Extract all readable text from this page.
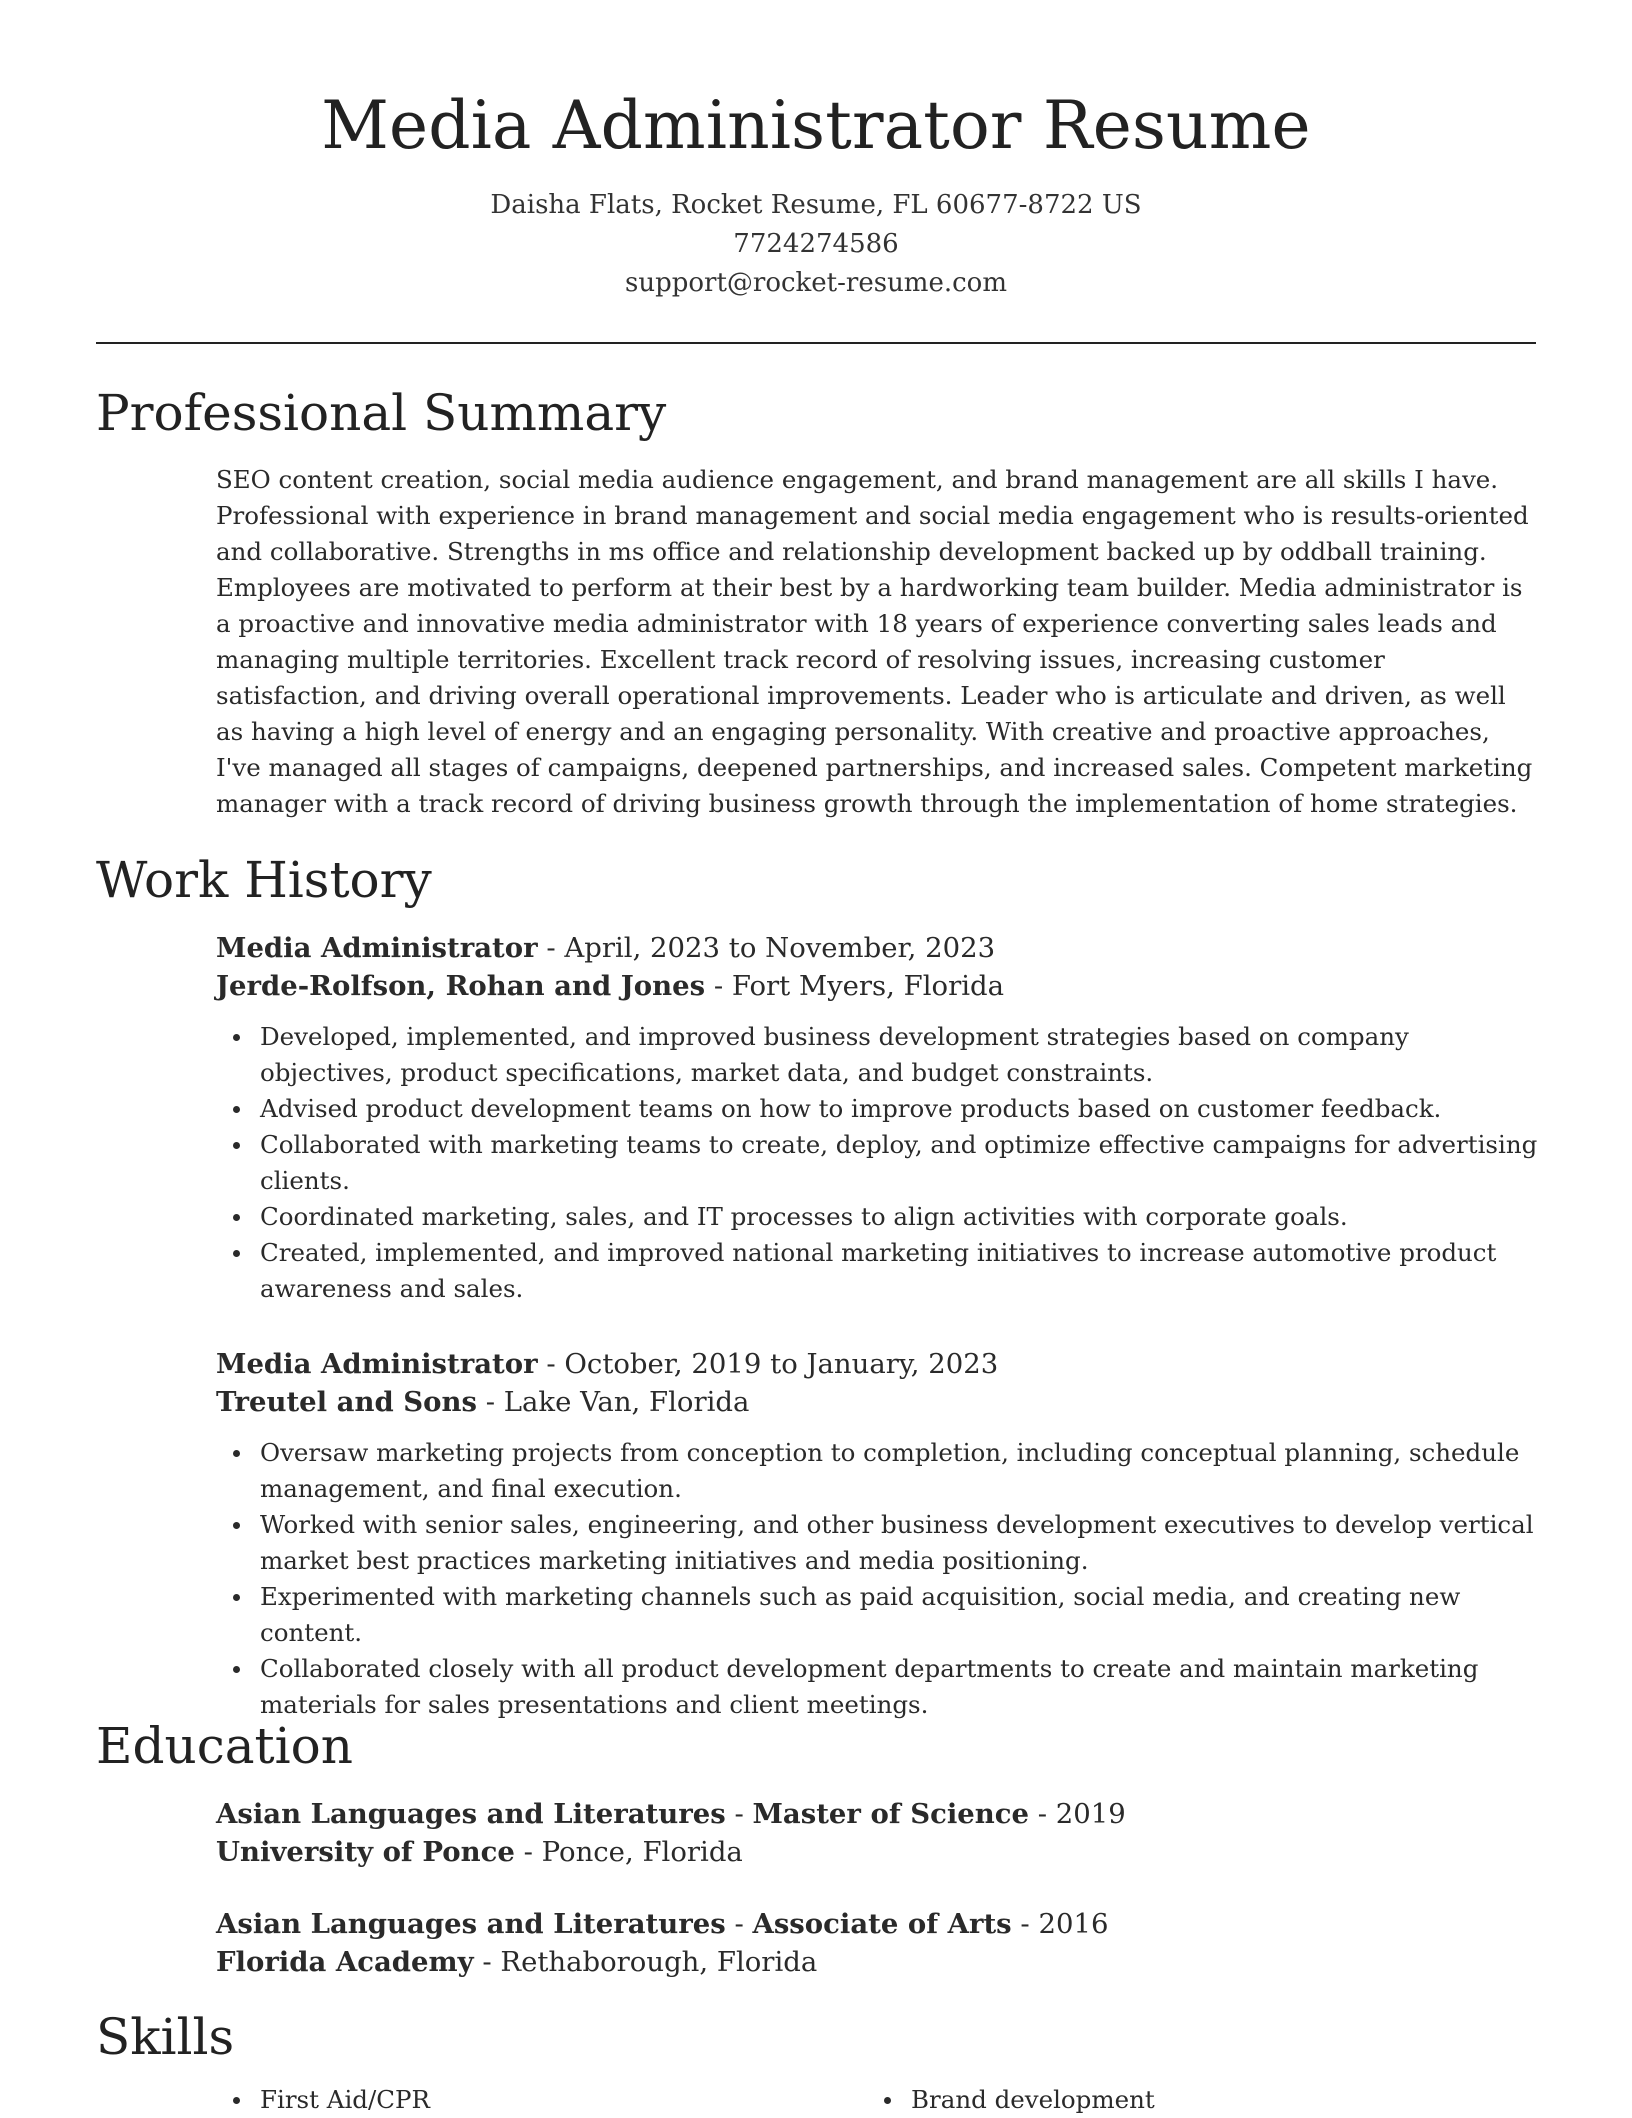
Media Administrator Resume
Daisha Flats, Rocket Resume, FL 60677-8722 US
7724274586
support@rocket-resume.com
Professional Summary

SEO content creation, social media audience engagement, and brand management are all skills I have. Professional with experience in brand management and social media engagement who is results-oriented and collaborative. Strengths in ms office and relationship development backed up by oddball training. Employees are motivated to perform at their best by a hardworking team builder. Media administrator is a proactive and innovative media administrator with 18 years of experience converting sales leads and managing multiple territories. Excellent track record of resolving issues, increasing customer satisfaction, and driving overall operational improvements. Leader who is articulate and driven, as well as having a high level of energy and an engaging personality. With creative and proactive approaches, I've managed all stages of campaigns, deepened partnerships, and increased sales. Competent marketing manager with a track record of driving business growth through the implementation of home strategies.

Work History

Media Administrator - April, 2023 to November, 2023

Jerde-Rolfson, Rohan and Jones - Fort Myers, Florida

Developed, implemented, and improved business development strategies based on company objectives, product specifications, market data, and budget constraints.
Advised product development teams on how to improve products based on customer feedback.
Collaborated with marketing teams to create, deploy, and optimize effective campaigns for advertising clients.
Coordinated marketing, sales, and IT processes to align activities with corporate goals.
Created, implemented, and improved national marketing initiatives to increase automotive product awareness and sales.

Media Administrator - October, 2019 to January, 2023

Treutel and Sons - Lake Van, Florida

Oversaw marketing projects from conception to completion, including conceptual planning, schedule management, and final execution.
Worked with senior sales, engineering, and other business development executives to develop vertical market best practices marketing initiatives and media positioning.
Experimented with marketing channels such as paid acquisition, social media, and creating new content.
Collaborated closely with all product development departments to create and maintain marketing materials for sales presentations and client meetings.
Education

Asian Languages and Literatures - Master of Science - 2019

University of Ponce - Ponce, Florida

Asian Languages and Literatures - Associate of Arts - 2016

Florida Academy - Rethaborough, Florida

Skills
First Aid/CPR	Brand development
